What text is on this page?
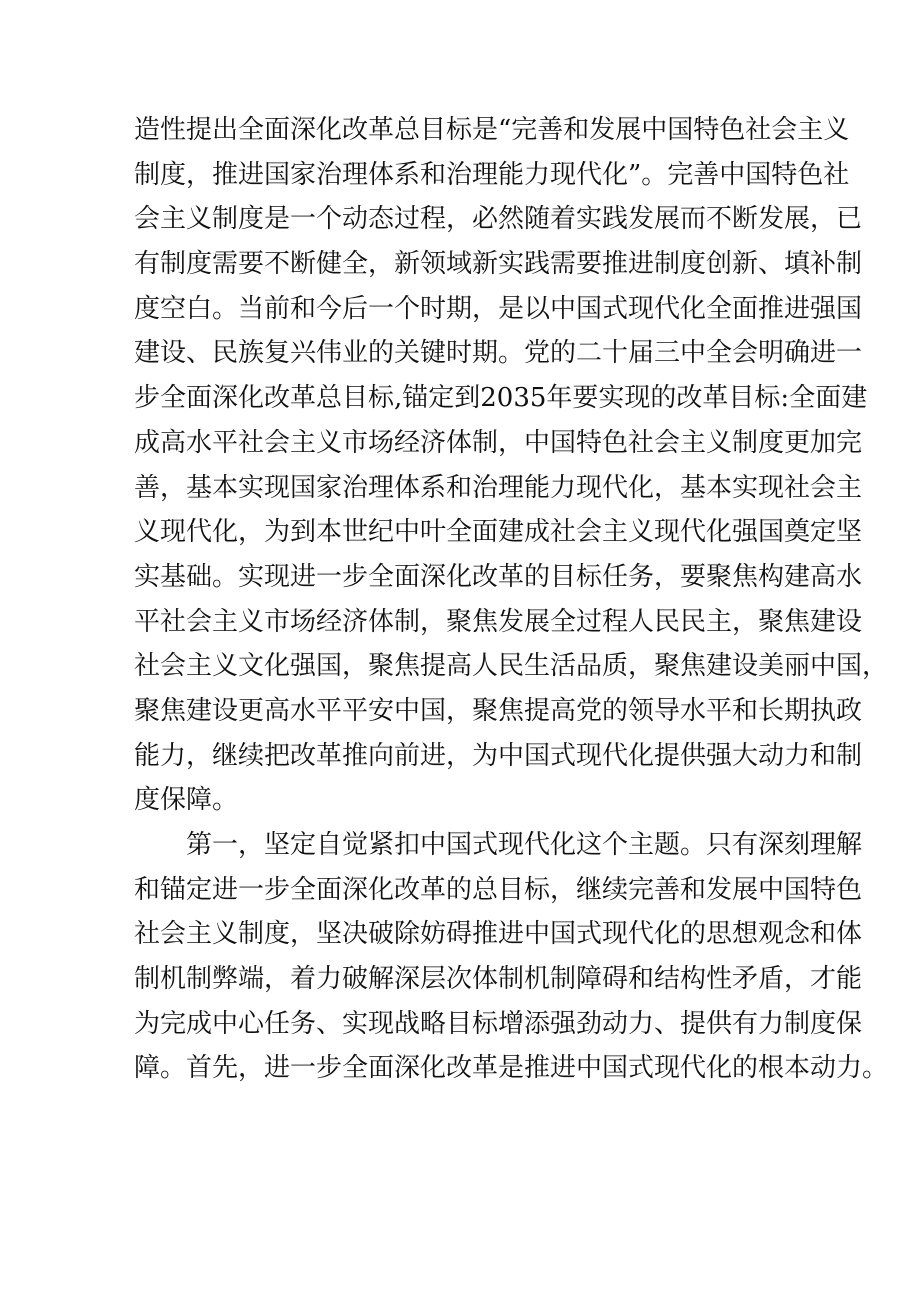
造性提出全面深化改革总目标是“完善和发展中国特色社会主义
制度，推进国家治理体系和治理能力现代化”。完善中国特色社
会主义制度是一个动态过程，必然随着实践发展而不断发展，已
有制度需要不断健全，新领域新实践需要推进制度创新、填补制
度空白。当前和今后一个时期，是以中国式现代化全面推进强国
建设、民族复兴伟业的关键时期。党的二十届三中全会明确进一
步全面深化改革总目标,锚定到2035年要实现的改革目标:全面建
成高水平社会主义市场经济体制，中国特色社会主义制度更加完
善，基本实现国家治理体系和治理能力现代化，基本实现社会主
义现代化，为到本世纪中叶全面建成社会主义现代化强国奠定坚
实基础。实现进一步全面深化改革的目标任务，要聚焦构建高水
平社会主义市场经济体制，聚焦发展全过程人民民主，聚焦建设
社会主义文化强国，聚焦提高人民生活品质，聚焦建设美丽中国，
聚焦建设更高水平平安中国，聚焦提高党的领导水平和长期执政
能力，继续把改革推向前进，为中国式现代化提供强大动力和制
度保障。
第一，坚定自觉紧扣中国式现代化这个主题。只有深刻理解
和锚定进一步全面深化改革的总目标，继续完善和发展中国特色
社会主义制度，坚决破除妨碍推进中国式现代化的思想观念和体
制机制弊端，着力破解深层次体制机制障碍和结构性矛盾，才能
为完成中心任务、实现战略目标增添强劲动力、提供有力制度保
障。首先，进一步全面深化改革是推进中国式现代化的根本动力。
